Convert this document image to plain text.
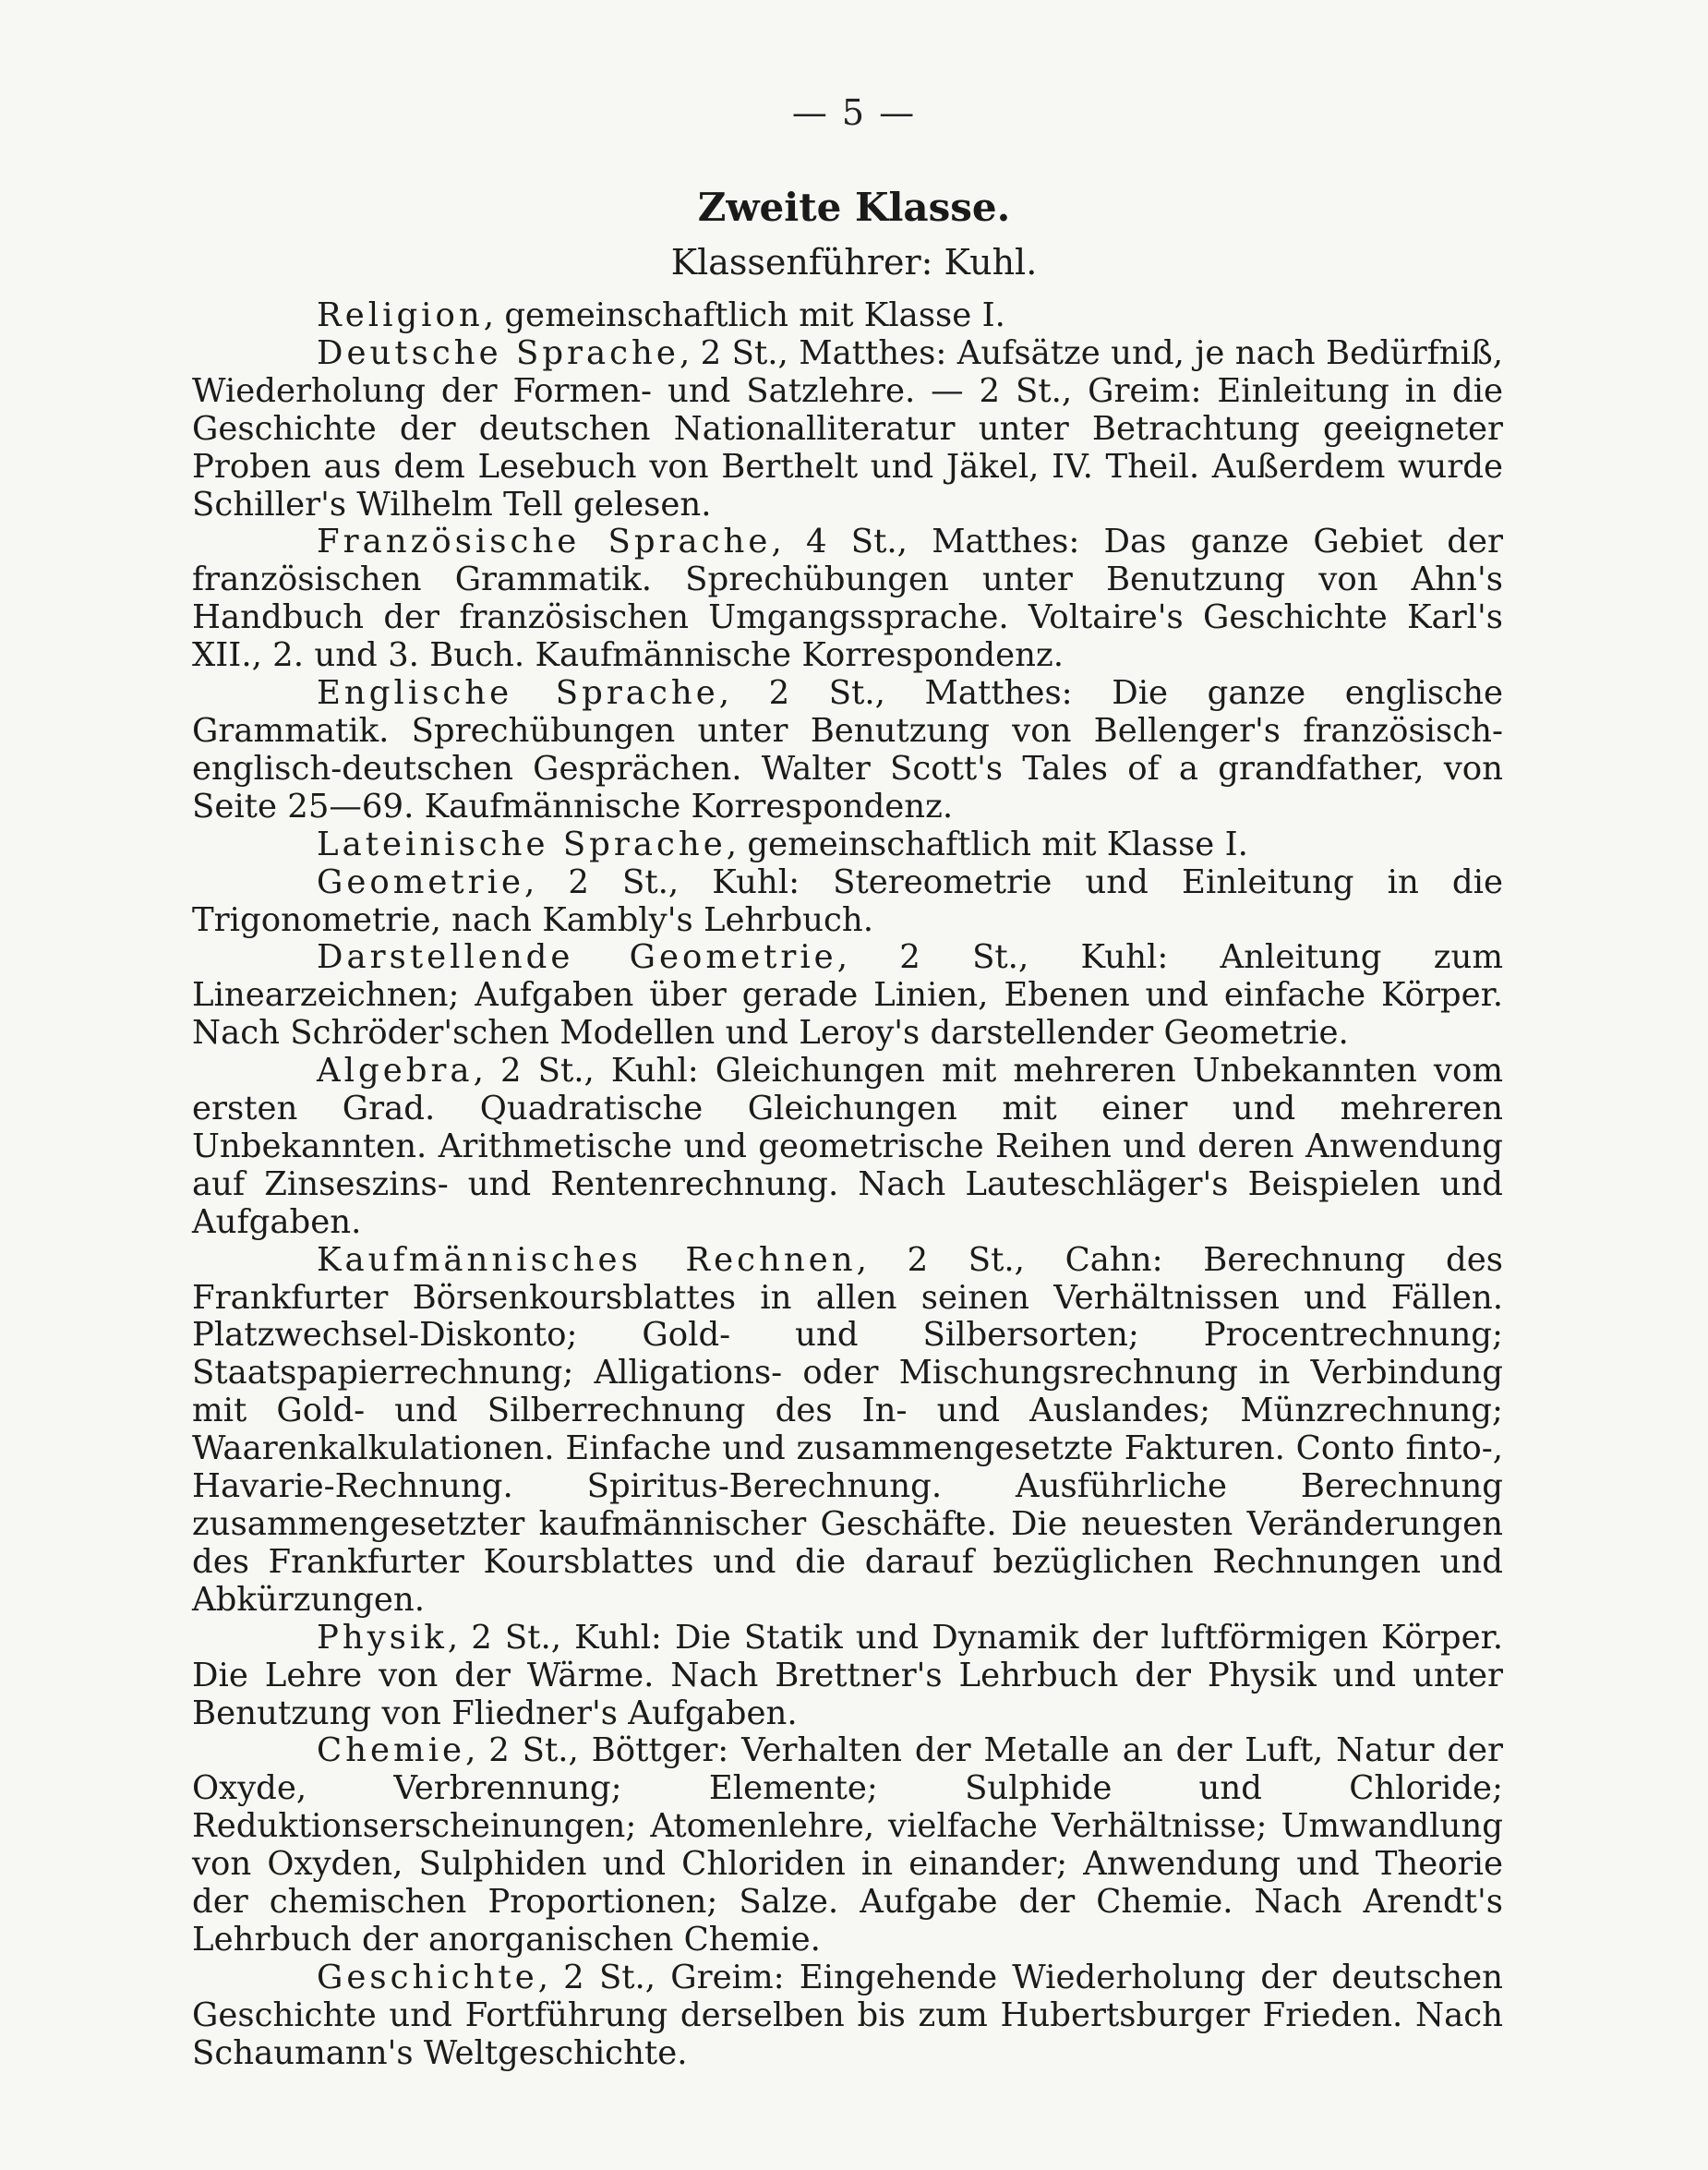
— 5 —
Zweite Klasse.
Klassenführer: Kuhl.

Religion, gemeinschaftlich mit Klasse I.

Deutsche Sprache, 2 St., Matthes: Aufsätze und, je nach Bedürfniß, Wiederholung der Formen- und Satzlehre. — 2 St., Greim: Einleitung in die Geschichte der deutschen Nationalliteratur unter Betrachtung geeigneter Proben aus dem Lesebuch von Berthelt und Jäkel, IV. Theil. Außerdem wurde Schiller's Wilhelm Tell gelesen.

Französische Sprache, 4 St., Matthes: Das ganze Gebiet der französischen Grammatik. Sprechübungen unter Benutzung von Ahn's Handbuch der französischen Umgangssprache. Voltaire's Geschichte Karl's XII., 2. und 3. Buch. Kaufmännische Korrespondenz.

Englische Sprache, 2 St., Matthes: Die ganze englische Grammatik. Sprechübungen unter Benutzung von Bellenger's französisch-englisch-deutschen Gesprächen. Walter Scott's Tales of a grandfather, von Seite 25—69. Kaufmännische Korrespondenz.

Lateinische Sprache, gemeinschaftlich mit Klasse I.

Geometrie, 2 St., Kuhl: Stereometrie und Einleitung in die Trigonometrie, nach Kambly's Lehrbuch.

Darstellende Geometrie, 2 St., Kuhl: Anleitung zum Linearzeichnen; Aufgaben über gerade Linien, Ebenen und einfache Körper. Nach Schröder'schen Modellen und Leroy's darstellender Geometrie.

Algebra, 2 St., Kuhl: Gleichungen mit mehreren Unbekannten vom ersten Grad. Quadratische Gleichungen mit einer und mehreren Unbekannten. Arithmetische und geometrische Reihen und deren Anwendung auf Zinseszins- und Rentenrechnung. Nach Lauteschläger's Beispielen und Aufgaben.

Kaufmännisches Rechnen, 2 St., Cahn: Berechnung des Frankfurter Börsenkoursblattes in allen seinen Verhältnissen und Fällen. Platzwechsel-Diskonto; Gold- und Silbersorten; Procentrechnung; Staatspapierrechnung; Alligations- oder Mischungsrechnung in Verbindung mit Gold- und Silberrechnung des In- und Auslandes; Münzrechnung; Waarenkalkulationen. Einfache und zusammengesetzte Fakturen. Conto finto-, Havarie-Rechnung. Spiritus-Berechnung. Ausführliche Berechnung zusammengesetzter kaufmännischer Geschäfte. Die neuesten Veränderungen des Frankfurter Koursblattes und die darauf bezüglichen Rechnungen und Abkürzungen.

Physik, 2 St., Kuhl: Die Statik und Dynamik der luftförmigen Körper. Die Lehre von der Wärme. Nach Brettner's Lehrbuch der Physik und unter Benutzung von Fliedner's Aufgaben.

Chemie, 2 St., Böttger: Verhalten der Metalle an der Luft, Natur der Oxyde, Verbrennung; Elemente; Sulphide und Chloride; Reduktionserscheinungen; Atomenlehre, vielfache Verhältnisse; Umwandlung von Oxyden, Sulphiden und Chloriden in einander; Anwendung und Theorie der chemischen Proportionen; Salze. Aufgabe der Chemie. Nach Arendt's Lehrbuch der anorganischen Chemie.

Geschichte, 2 St., Greim: Eingehende Wiederholung der deutschen Geschichte und Fortführung derselben bis zum Hubertsburger Frieden. Nach Schaumann's Weltgeschichte.
